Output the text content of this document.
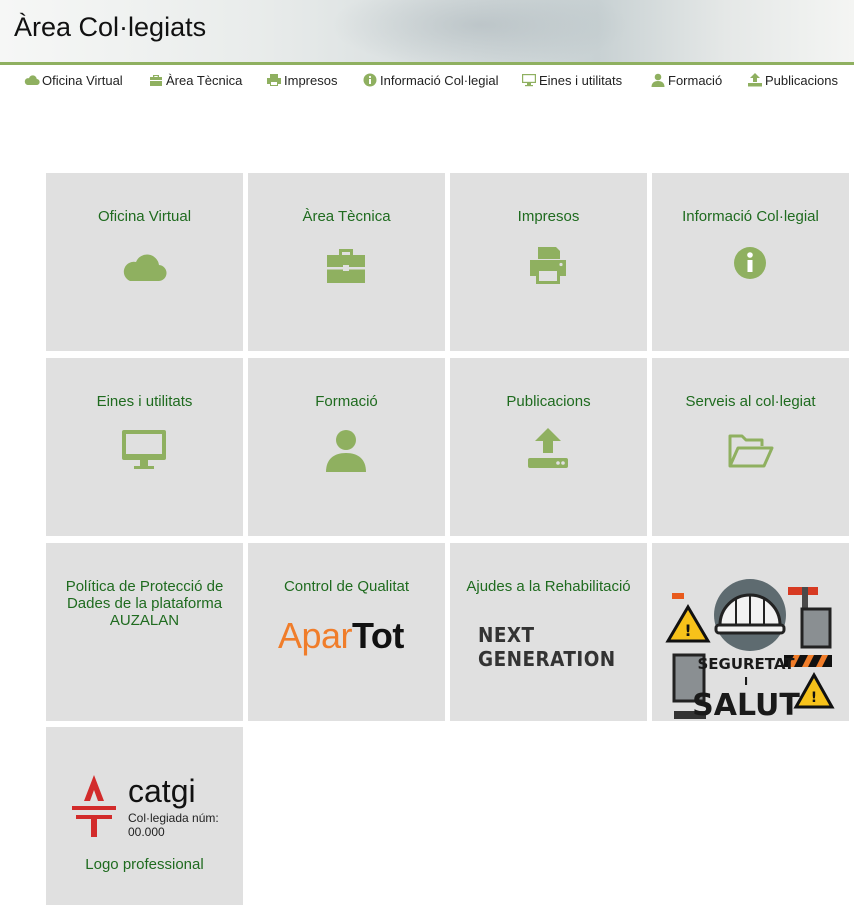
Àrea Col·legiats
Oficina Virtual	Àrea Tècnica	Impresos	Informació Col·legial	Eines i utilitats	Formació	Publicacions
Oficina Virtual	Àrea Tècnica	Impresos	Informació Col·legial
Eines i utilitats	Formació	Publicacions	Serveis al col·legiat
Política de Protecció de Dades de la plataforma AUZALAN
Control de Qualitat
AparTot
Ajudes a la Rehabilitació
NEXT GENERATION
!
!
SEGURETAT
I
SALUT
catgi
Col·legiada núm:
00.000
Logo professional
